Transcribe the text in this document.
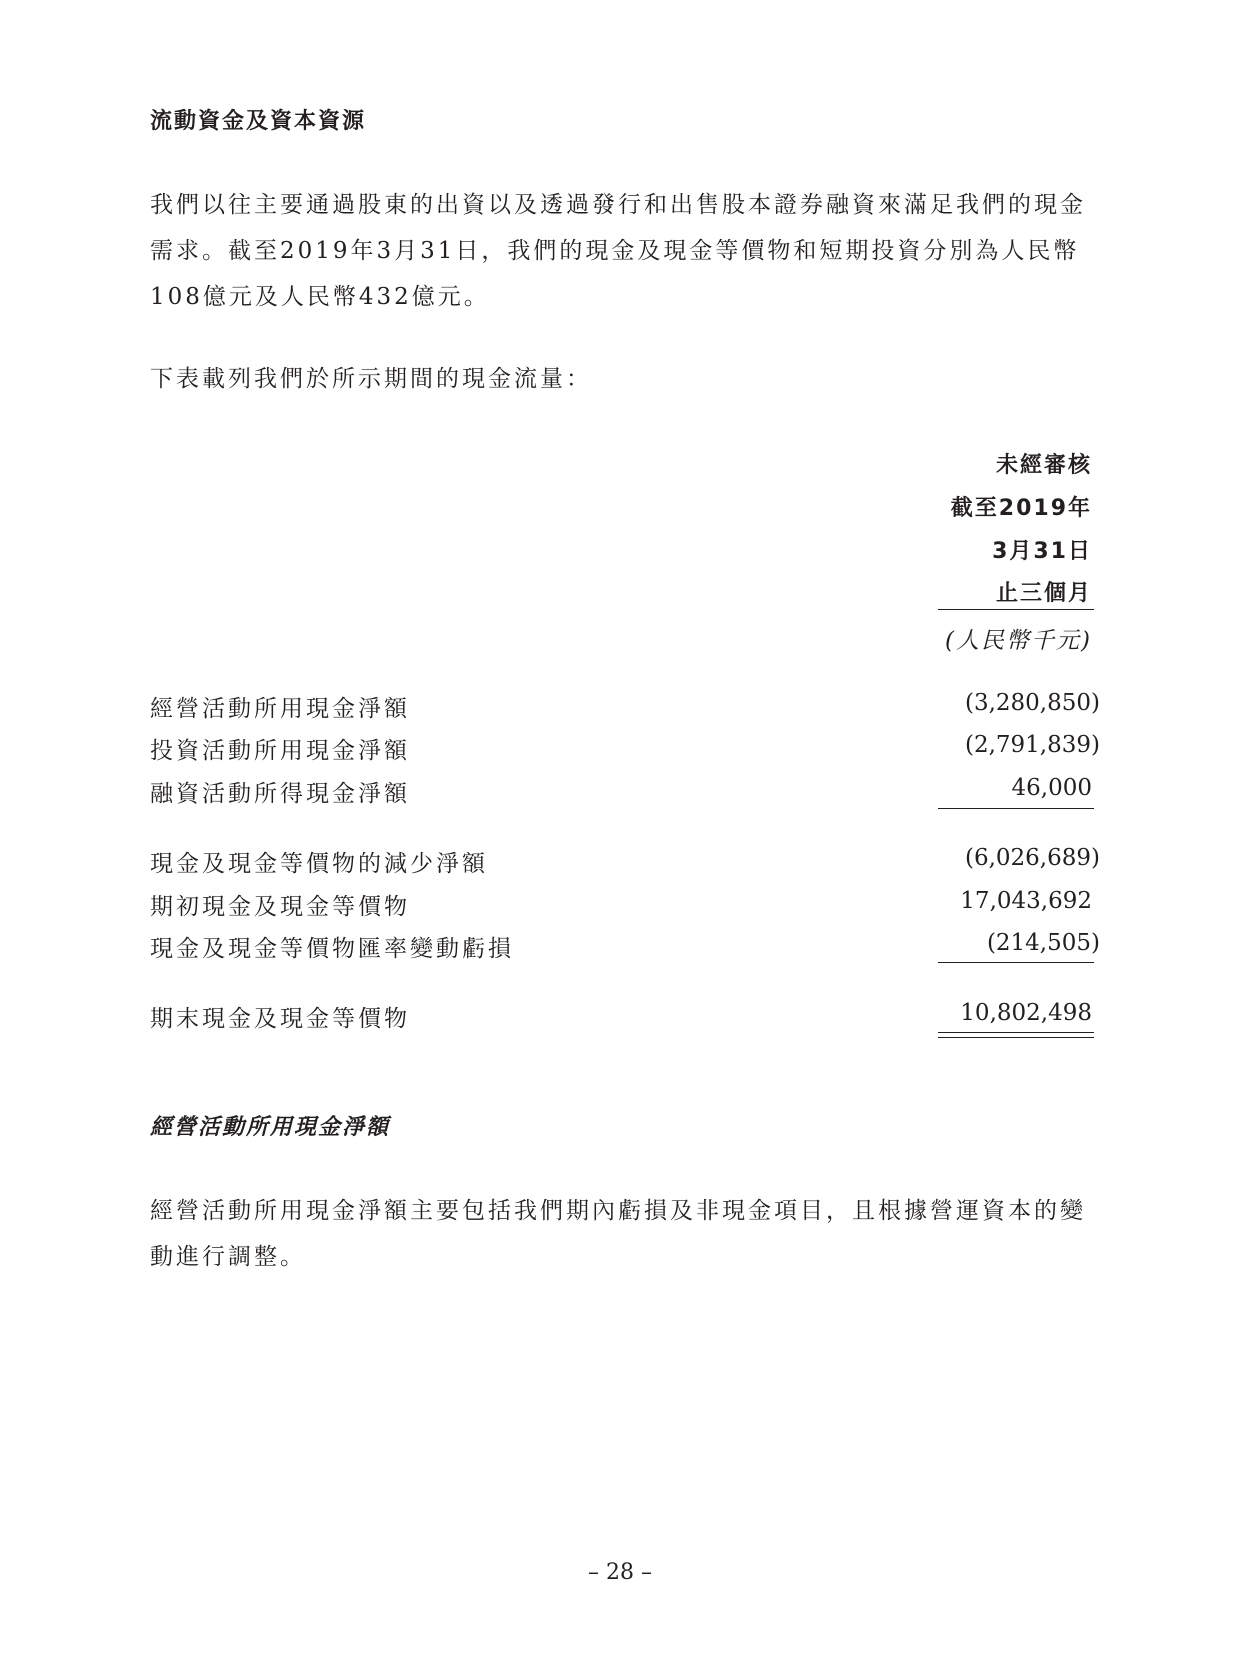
流動資金及資本資源
我們以往主要通過股東的出資以及透過發行和出售股本證券融資來滿足我們的現金
需求。截至2019年3月31日，我們的現金及現金等價物和短期投資分別為人民幣
108億元及人民幣432億元。
下表載列我們於所示期間的現金流量：
未經審核
截至2019年
3月31日
止三個月
(人民幣千元)
經營活動所用現金淨額	(3,280,850)
投資活動所用現金淨額	(2,791,839)
融資活動所得現金淨額	46,000
現金及現金等價物的減少淨額	(6,026,689)
期初現金及現金等價物	17,043,692
現金及現金等價物匯率變動虧損	(214,505)
期末現金及現金等價物	10,802,498
經營活動所用現金淨額
經營活動所用現金淨額主要包括我們期內虧損及非現金項目，且根據營運資本的變
動進行調整。
– 28 –
